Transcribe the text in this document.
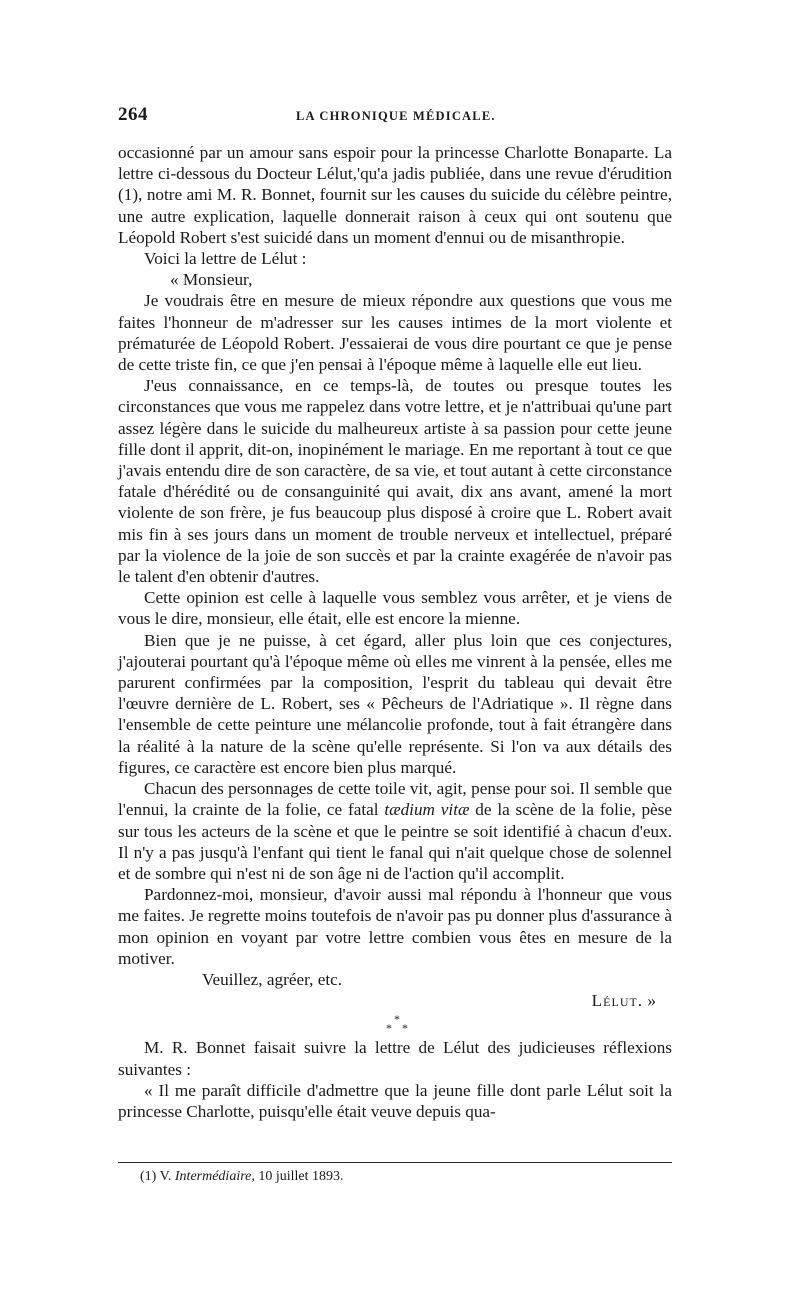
264	LA CHRONIQUE MÉDICALE.

occasionné par un amour sans espoir pour la princesse Charlotte Bonaparte. La lettre ci-dessous du Docteur Lélut,'qu'a jadis publiée, dans une revue d'érudition (1), notre ami M. R. Bonnet, fournit sur les causes du suicide du célèbre peintre, une autre explication, laquelle donnerait raison à ceux qui ont soutenu que Léopold Robert s'est suicidé dans un moment d'ennui ou de misanthropie.

Voici la lettre de Lélut :

« Monsieur,

Je voudrais être en mesure de mieux répondre aux questions que vous me faites l'honneur de m'adresser sur les causes intimes de la mort violente et prématurée de Léopold Robert. J'essaierai de vous dire pourtant ce que je pense de cette triste fin, ce que j'en pensai à l'époque même à laquelle elle eut lieu.

J'eus connaissance, en ce temps-là, de toutes ou presque toutes les circonstances que vous me rappelez dans votre lettre, et je n'attribuai qu'une part assez légère dans le suicide du malheureux artiste à sa passion pour cette jeune fille dont il apprit, dit-on, inopinément le mariage. En me reportant à tout ce que j'avais entendu dire de son caractère, de sa vie, et tout autant à cette circonstance fatale d'hérédité ou de consanguinité qui avait, dix ans avant, amené la mort violente de son frère, je fus beaucoup plus disposé à croire que L. Robert avait mis fin à ses jours dans un moment de trouble nerveux et intellectuel, préparé par la violence de la joie de son succès et par la crainte exagérée de n'avoir pas le talent d'en obtenir d'autres.

Cette opinion est celle à laquelle vous semblez vous arrêter, et je viens de vous le dire, monsieur, elle était, elle est encore la mienne.

Bien que je ne puisse, à cet égard, aller plus loin que ces conjectures, j'ajouterai pourtant qu'à l'époque même où elles me vinrent à la pensée, elles me parurent confirmées par la composition, l'esprit du tableau qui devait être l'œuvre dernière de L. Robert, ses « Pêcheurs de l'Adriatique ». Il règne dans l'ensemble de cette peinture une mélancolie profonde, tout à fait étrangère dans la réalité à la nature de la scène qu'elle représente. Si l'on va aux détails des figures, ce caractère est encore bien plus marqué.

Chacun des personnages de cette toile vit, agit, pense pour soi. Il semble que l'ennui, la crainte de la folie, ce fatal tædium vitæ de la scène de la folie, pèse sur tous les acteurs de la scène et que le peintre se soit identifié à chacun d'eux. Il n'y a pas jusqu'à l'enfant qui tient le fanal qui n'ait quelque chose de solennel et de sombre qui n'est ni de son âge ni de l'action qu'il accomplit.

Pardonnez-moi, monsieur, d'avoir aussi mal répondu à l'honneur que vous me faites. Je regrette moins toutefois de n'avoir pas pu donner plus d'assurance à mon opinion en voyant par votre lettre combien vous êtes en mesure de la motiver.

Veuillez, agréer, etc.

Lélut. »

*
* *

M. R. Bonnet faisait suivre la lettre de Lélut des judicieuses réflexions suivantes :

« Il me paraît difficile d'admettre que la jeune fille dont parle Lélut soit la princesse Charlotte, puisqu'elle était veuve depuis qua-

(1) V. Intermédiaire, 10 juillet 1893.
